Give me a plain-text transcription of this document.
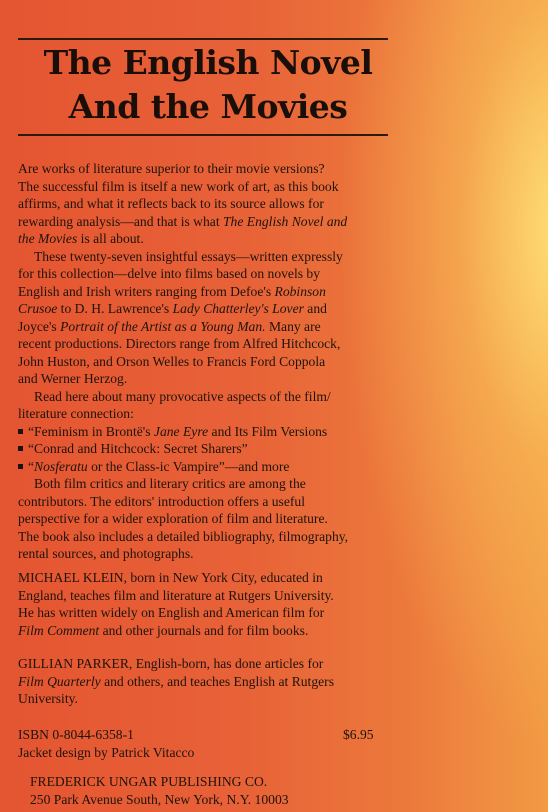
The English Novel
And the Movies
Are works of literature superior to their movie versions?
The successful film is itself a new work of art, as this book
affirms, and what it reflects back to its source allows for
rewarding analysis—and that is what The English Novel and
the Movies is all about.
These twenty-seven insightful essays—written expressly
for this collection—delve into films based on novels by
English and Irish writers ranging from Defoe's Robinson
Crusoe to D. H. Lawrence's Lady Chatterley's Lover and
Joyce's Portrait of the Artist as a Young Man. Many are
recent productions. Directors range from Alfred Hitchcock,
John Huston, and Orson Welles to Francis Ford Coppola
and Werner Herzog.
Read here about many provocative aspects of the film/
literature connection:
“Feminism in Brontë's Jane Eyre and Its Film Versions
“Conrad and Hitchcock: Secret Sharers”
“Nosferatu or the Class-ic Vampire”—and more
Both film critics and literary critics are among the
contributors. The editors' introduction offers a useful
perspective for a wider exploration of film and literature.
The book also includes a detailed bibliography, filmography,
rental sources, and photographs.
MICHAEL KLEIN, born in New York City, educated in
England, teaches film and literature at Rutgers University.
He has written widely on English and American film for
Film Comment and other journals and for film books.
GILLIAN PARKER, English-born, has done articles for
Film Quarterly and others, and teaches English at Rutgers
University.
ISBN 0-8044-6358-1	$6.95
Jacket design by Patrick Vitacco
FREDERICK UNGAR PUBLISHING CO.
250 Park Avenue South, New York, N.Y. 10003
